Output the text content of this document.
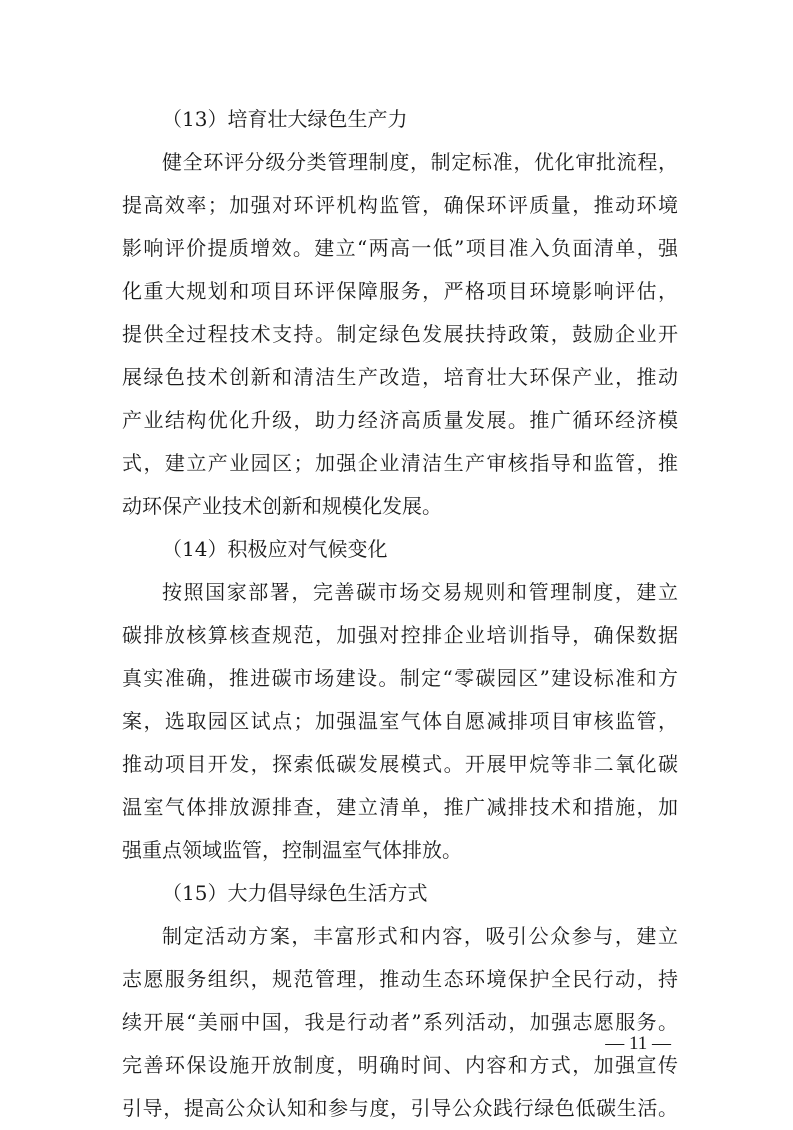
（13）培育壮大绿色生产力
健全环评分级分类管理制度，制定标准，优化审批流程，
提高效率；加强对环评机构监管，确保环评质量，推动环境
影响评价提质增效。建立“两高一低”项目准入负面清单，强
化重大规划和项目环评保障服务，严格项目环境影响评估，
提供全过程技术支持。制定绿色发展扶持政策，鼓励企业开
展绿色技术创新和清洁生产改造，培育壮大环保产业，推动
产业结构优化升级，助力经济高质量发展。推广循环经济模
式，建立产业园区；加强企业清洁生产审核指导和监管，推
动环保产业技术创新和规模化发展。
（14）积极应对气候变化
按照国家部署，完善碳市场交易规则和管理制度，建立
碳排放核算核查规范，加强对控排企业培训指导，确保数据
真实准确，推进碳市场建设。制定“零碳园区”建设标准和方
案，选取园区试点；加强温室气体自愿减排项目审核监管，
推动项目开发，探索低碳发展模式。开展甲烷等非二氧化碳
温室气体排放源排查，建立清单，推广减排技术和措施，加
强重点领域监管，控制温室气体排放。
（15）大力倡导绿色生活方式
制定活动方案，丰富形式和内容，吸引公众参与，建立
志愿服务组织，规范管理，推动生态环境保护全民行动，持
续开展“美丽中国，我是行动者”系列活动，加强志愿服务。
完善环保设施开放制度，明确时间、内容和方式，加强宣传
引导，提高公众认知和参与度，引导公众践行绿色低碳生活。
— 11 —
